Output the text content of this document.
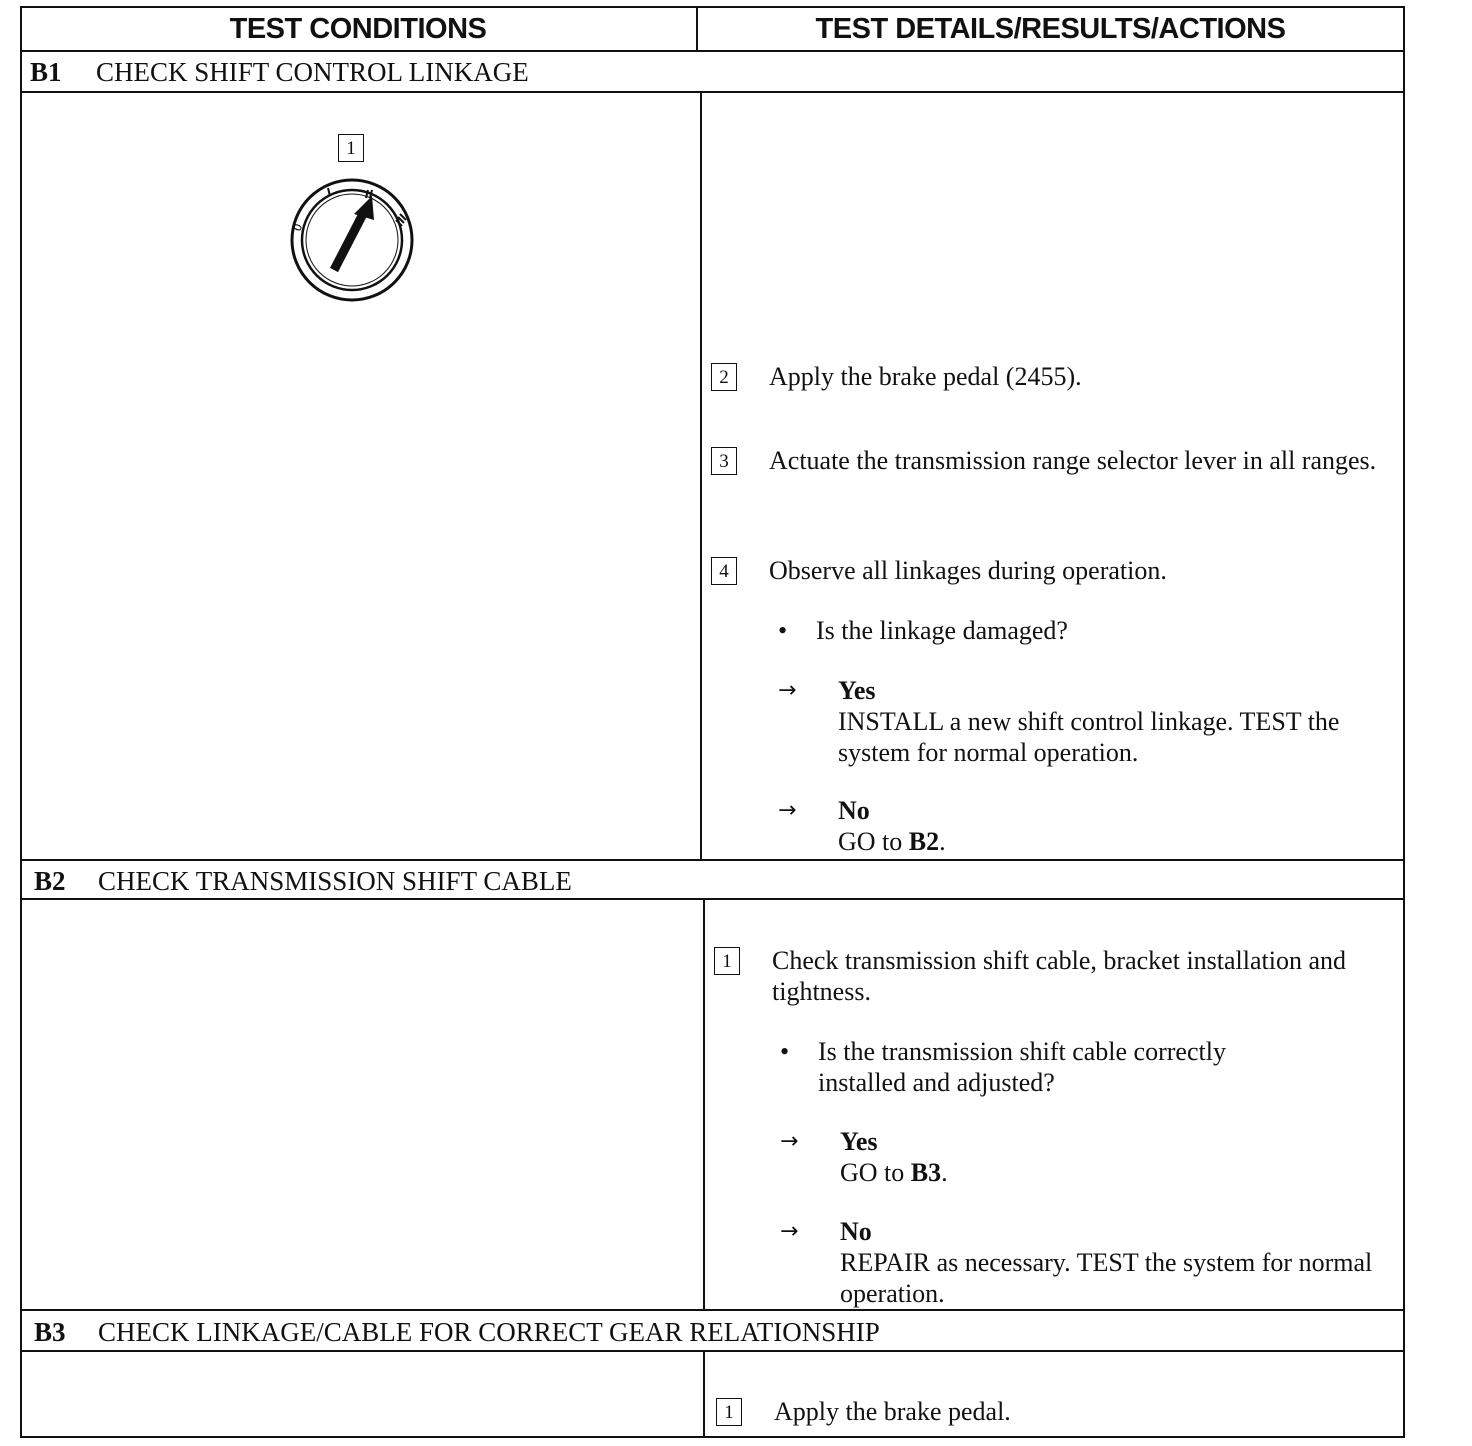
TEST CONDITIONS	TEST DETAILS/RESULTS/ACTIONS
B1	CHECK SHIFT CONTROL LINKAGE
1
0
2	Apply the brake pedal (2455).
3	Actuate the transmission range selector lever in all ranges.
4	Observe all linkages during operation.
•	Is the linkage damaged?
→	Yes
INSTALL a new shift control linkage. TEST the system for normal operation.
→	No
GO to B2.
B2	CHECK TRANSMISSION SHIFT CABLE
1	Check transmission shift cable, bracket installation and tightness.
•	Is the transmission shift cable correctly installed and adjusted?
→	Yes
GO to B3.
→	No
REPAIR as necessary. TEST the system for normal operation.
B3	CHECK LINKAGE/CABLE FOR CORRECT GEAR RELATIONSHIP
1	Apply the brake pedal.
